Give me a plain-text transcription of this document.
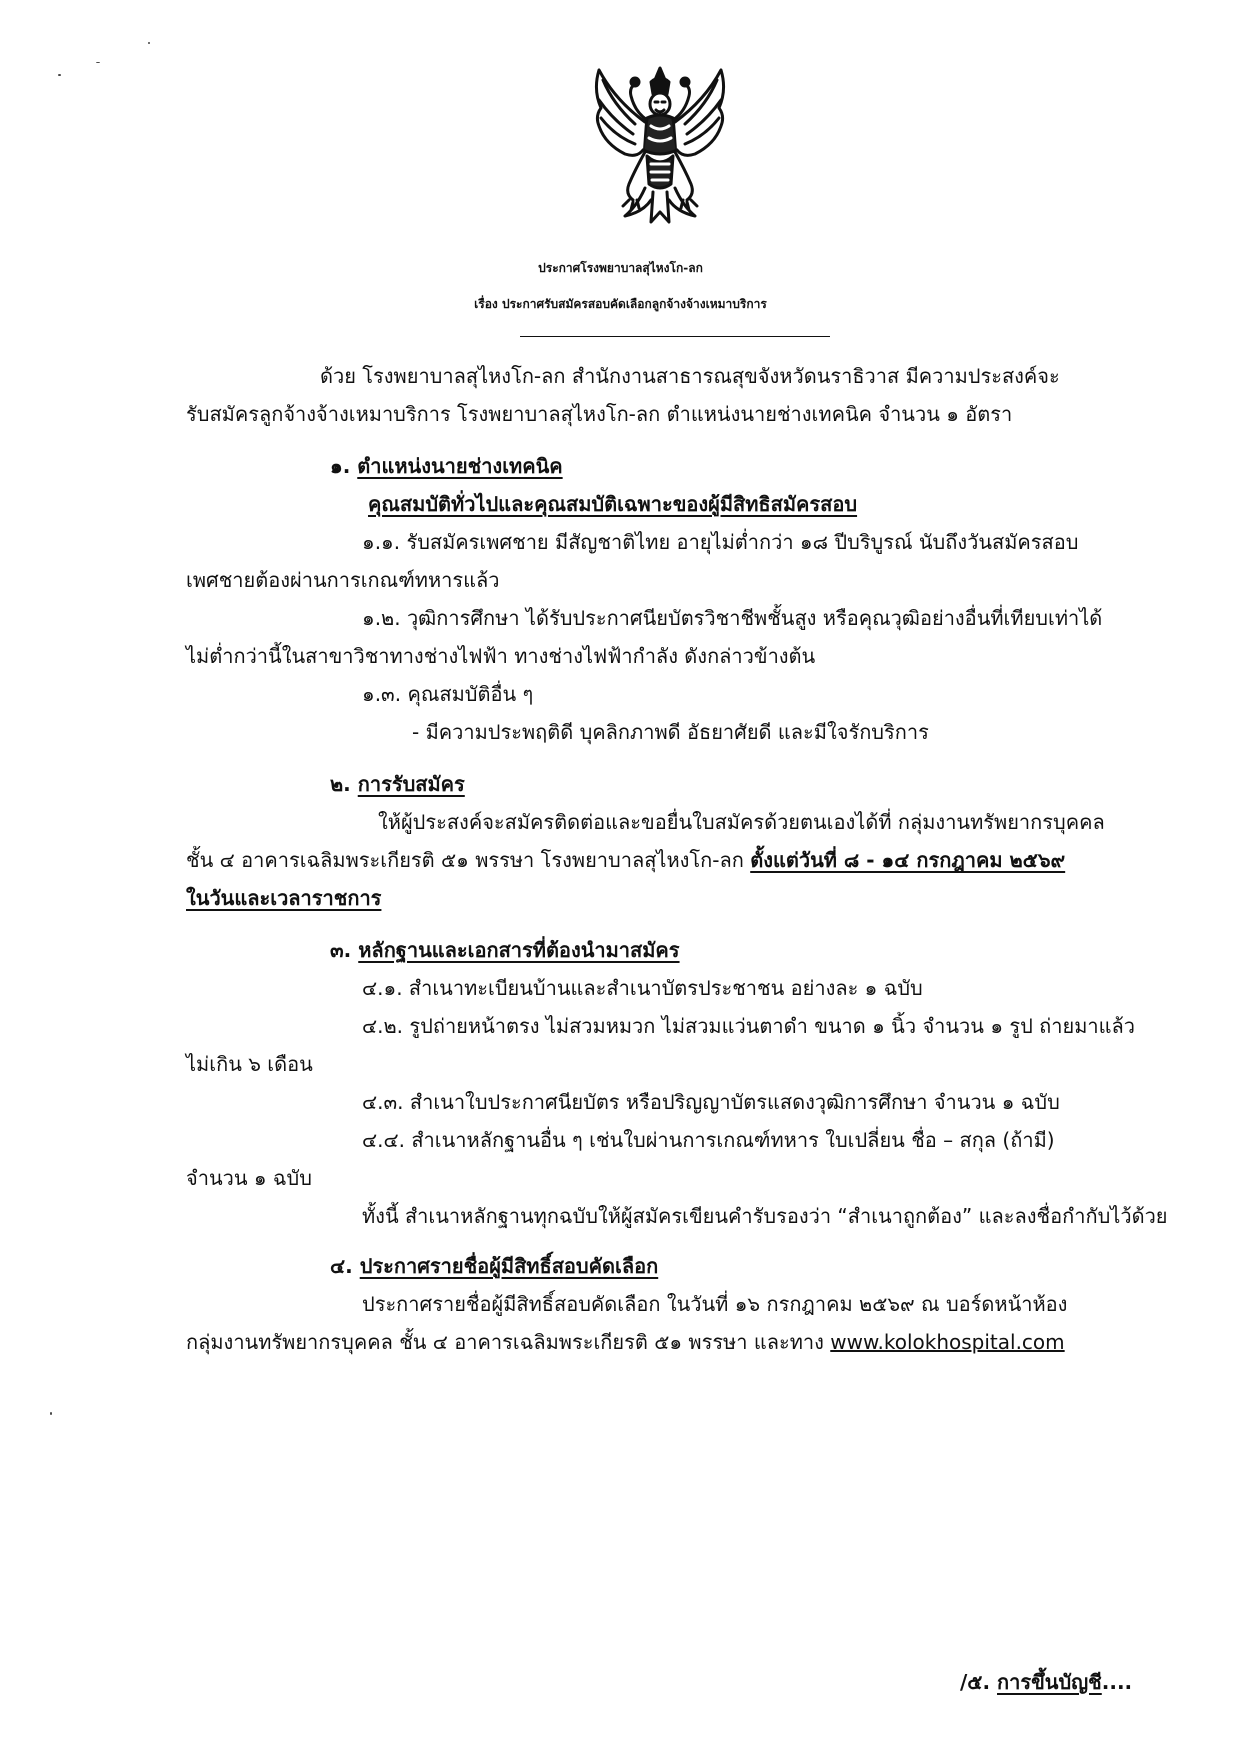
ประกาศโรงพยาบาลสุไหงโก-ลก
เรื่อง ประกาศรับสมัครสอบคัดเลือกลูกจ้างจ้างเหมาบริการ
ด้วย โรงพยาบาลสุไหงโก-ลก สำนักงานสาธารณสุขจังหวัดนราธิวาส มีความประสงค์จะ
รับสมัครลูกจ้างจ้างเหมาบริการ โรงพยาบาลสุไหงโก-ลก ตำแหน่งนายช่างเทคนิค จำนวน ๑ อัตรา
๑. ตำแหน่งนายช่างเทคนิค
คุณสมบัติทั่วไปและคุณสมบัติเฉพาะของผู้มีสิทธิสมัครสอบ
๑.๑. รับสมัครเพศชาย มีสัญชาติไทย อายุไม่ต่ำกว่า ๑๘ ปีบริบูรณ์ นับถึงวันสมัครสอบ
เพศชายต้องผ่านการเกณฑ์ทหารแล้ว
๑.๒. วุฒิการศึกษา ได้รับประกาศนียบัตรวิชาชีพชั้นสูง หรือคุณวุฒิอย่างอื่นที่เทียบเท่าได้
ไม่ต่ำกว่านี้ในสาขาวิชาทางช่างไฟฟ้า ทางช่างไฟฟ้ากำลัง ดังกล่าวข้างต้น
๑.๓. คุณสมบัติอื่น ๆ
- มีความประพฤติดี บุคลิกภาพดี อัธยาศัยดี และมีใจรักบริการ
๒. การรับสมัคร
ให้ผู้ประสงค์จะสมัครติดต่อและขอยื่นใบสมัครด้วยตนเองได้ที่ กลุ่มงานทรัพยากรบุคคล
ชั้น ๔ อาคารเฉลิมพระเกียรติ ๕๑ พรรษา โรงพยาบาลสุไหงโก-ลก ตั้งแต่วันที่ ๘ - ๑๔ กรกฎาคม ๒๕๖๙
ในวันและเวลาราชการ
๓. หลักฐานและเอกสารที่ต้องนำมาสมัคร
๔.๑. สำเนาทะเบียนบ้านและสำเนาบัตรประชาชน อย่างละ ๑ ฉบับ
๔.๒. รูปถ่ายหน้าตรง ไม่สวมหมวก ไม่สวมแว่นตาดำ ขนาด ๑ นิ้ว จำนวน ๑ รูป ถ่ายมาแล้ว
ไม่เกิน ๖ เดือน
๔.๓. สำเนาใบประกาศนียบัตร หรือปริญญาบัตรแสดงวุฒิการศึกษา จำนวน ๑ ฉบับ
๔.๔. สำเนาหลักฐานอื่น ๆ เช่นใบผ่านการเกณฑ์ทหาร ใบเปลี่ยน ชื่อ – สกุล (ถ้ามี)
จำนวน ๑ ฉบับ
ทั้งนี้ สำเนาหลักฐานทุกฉบับให้ผู้สมัครเขียนคำรับรองว่า “สำเนาถูกต้อง” และลงชื่อกำกับไว้ด้วย
๔. ประกาศรายชื่อผู้มีสิทธิ์สอบคัดเลือก
ประกาศรายชื่อผู้มีสิทธิ์สอบคัดเลือก ในวันที่ ๑๖ กรกฎาคม ๒๕๖๙ ณ บอร์ดหน้าห้อง
กลุ่มงานทรัพยากรบุคคล ชั้น ๔ อาคารเฉลิมพระเกียรติ ๕๑ พรรษา และทาง www.kolokhospital.com
/๕. การขึ้นบัญชี....
